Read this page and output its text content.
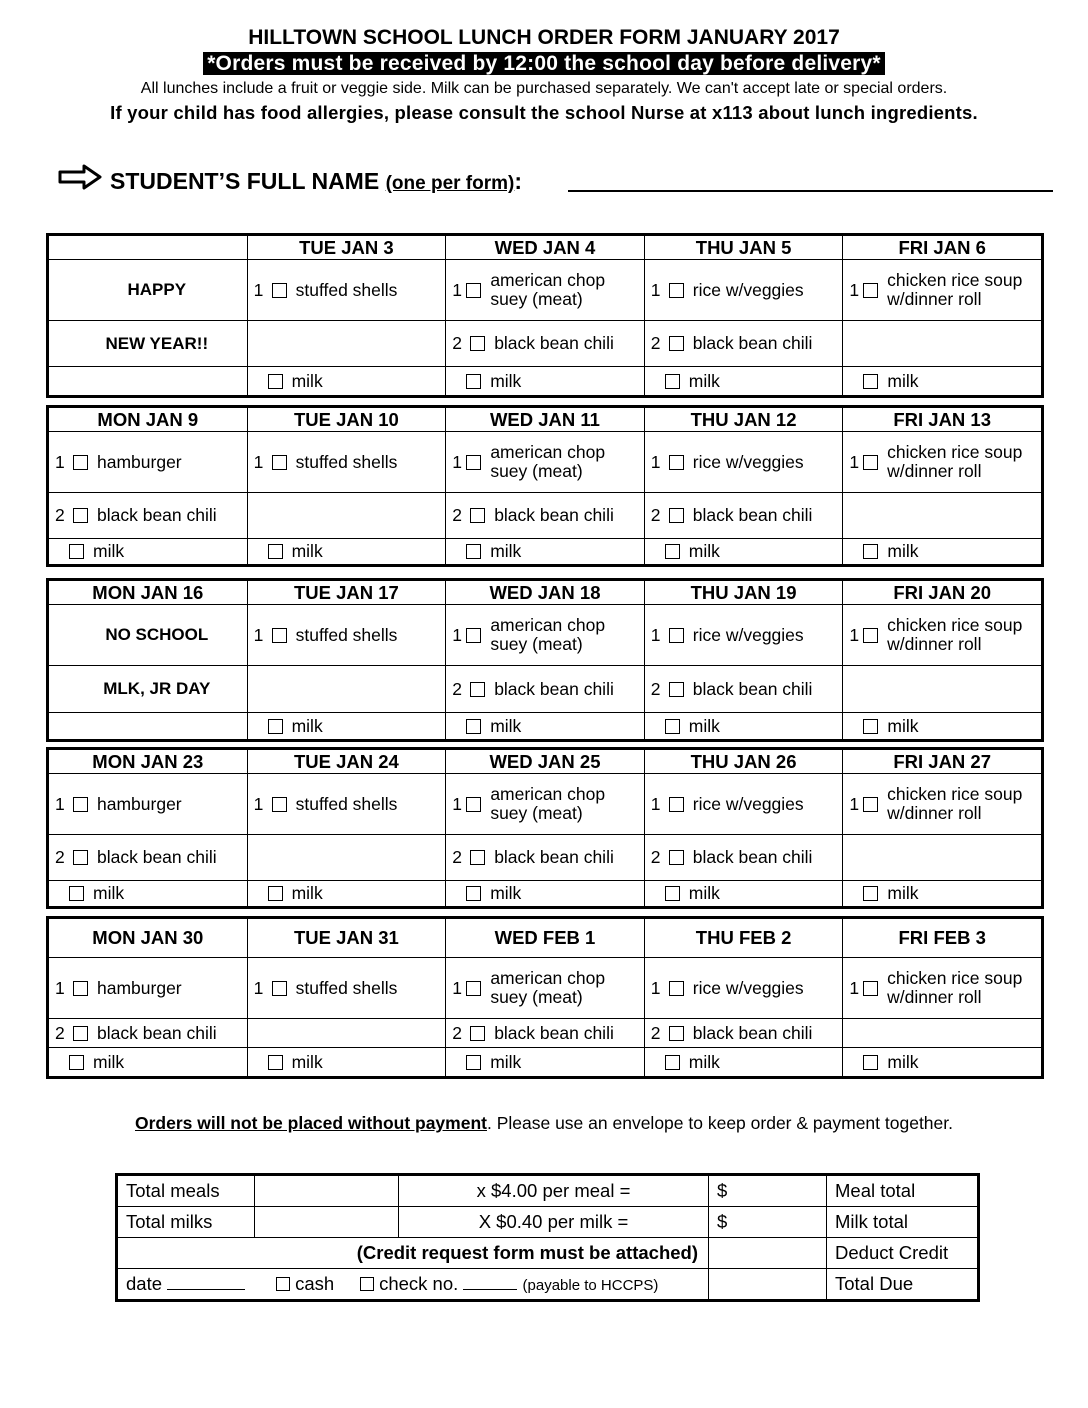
HILLTOWN SCHOOL LUNCH ORDER FORM JANUARY 2017
*Orders must be received by 12:00 the school day before delivery*
All lunches include a fruit or veggie side. Milk can be purchased separately. We can't accept late or special orders.
If your child has food allergies, please consult the school Nurse at x113 about lunch ingredients.
STUDENT’S FULL NAME (one per form):
	TUE JAN 3	WED JAN 4	THU JAN 5	FRI JAN 6
HAPPY	1 stuffed shells	1 american chop suey (meat)	1 rice w/veggies	1 chicken rice soup w/dinner roll

NEW YEAR!!		2 black bean chili	2 black bean chili	

	milk	milk	milk	milk
MON JAN 9	TUE JAN 10	WED JAN 11	THU JAN 12	FRI JAN 13

1 hamburger	1 stuffed shells	1 american chop suey (meat)	1 rice w/veggies	1 chicken rice soup w/dinner roll

2 black bean chili		2 black bean chili	2 black bean chili	

milk	milk	milk	milk	milk
MON JAN 16	TUE JAN 17	WED JAN 18	THU JAN 19	FRI JAN 20
NO SCHOOL	1 stuffed shells	1 american chop suey (meat)	1 rice w/veggies	1 chicken rice soup w/dinner roll

MLK, JR DAY		2 black bean chili	2 black bean chili	

	milk	milk	milk	milk
MON JAN 23	TUE JAN 24	WED JAN 25	THU JAN 26	FRI JAN 27

1 hamburger	1 stuffed shells	1 american chop suey (meat)	1 rice w/veggies	1 chicken rice soup w/dinner roll

2 black bean chili		2 black bean chili	2 black bean chili	

milk	milk	milk	milk	milk
MON JAN 30	TUE JAN 31	WED FEB 1	THU FEB 2	FRI FEB 3

1 hamburger	1 stuffed shells	1 american chop suey (meat)	1 rice w/veggies	1 chicken rice soup w/dinner roll

2 black bean chili		2 black bean chili	2 black bean chili	

milk	milk	milk	milk	milk
Orders will not be placed without payment. Please use an envelope to keep order & payment together.
Total meals		x $4.00 per meal =	$	Meal total
Total milks		X $0.40 per milk =	$	Milk total
(Credit request form must be attached)				Deduct Credit
date cash check no. (payable to HCCPS)				Total Due
